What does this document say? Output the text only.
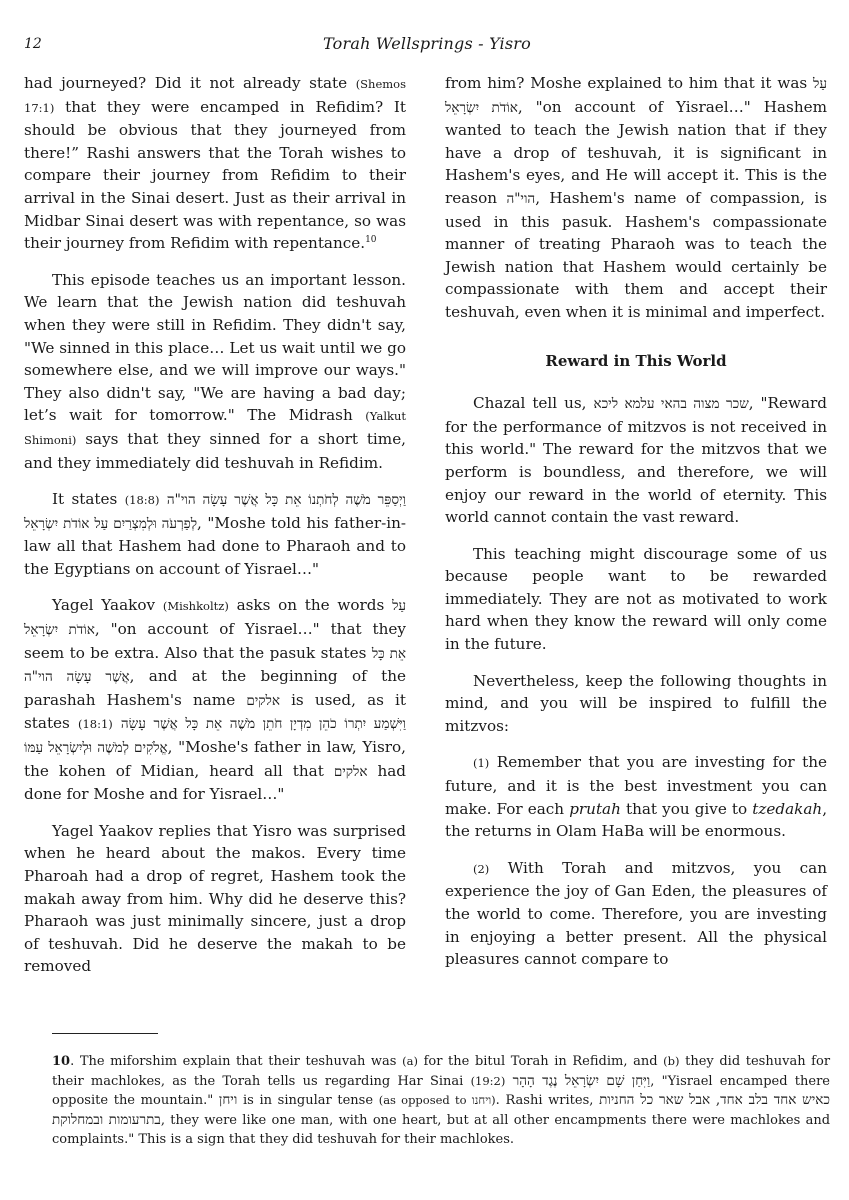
12	Torah Wellsprings - Yisro

had journeyed? Did it not already state (Shemos 17:1) that they were encamped in Refidim? It should be obvious that they journeyed from there!” Rashi answers that the Torah wishes to compare their journey from Refidim to their arrival in the Sinai desert. Just as their arrival in Midbar Sinai desert was with repentance, so was their journey from Refidim with repentance.$^{10}$

This episode teaches us an important lesson. We learn that the Jewish nation did teshuvah when they were still in Refidim. They didn't say, "We sinned in this place… Let us wait until we go somewhere else, and we will improve our ways." They also didn't say, "We are having a bad day; let’s wait for tomorrow." The Midrash (Yalkut Shimoni) says that they sinned for a short time, and they immediately did teshuvah in Refidim.

It states (18:8) וַיְסַפֵּר מֹשֶׁה לְחֹתְנוֹ אֵת כָּל אֲשֶׁר עָשָׂה הוי"ה לְפַרְעֹה וּלְמִצְרַיִם עַל אוֹדֹת יִשְׂרָאֵל, "Moshe told his father-in-law all that Hashem had done to Pharaoh and to the Egyptians on account of Yisrael…"

Yagel Yaakov (Mishkoltz) asks on the words עַל אוֹדֹת יִשְׂרָאֵל, "on account of Yisrael…" that they seem to be extra. Also that the pasuk states אֵת כָּל אֲשֶׁר עָשָׂה הוי"ה, and at the beginning of the parashah Hashem's name אלקים is used, as it states (18:1) וַיִּשְׁמַע יִתְרוֹ כֹהֵן מִדְיָן חֹתֵן מֹשֶׁה אֵת כָּל אֲשֶׁר עָשָׂה אֱלֹקִים לְמֹשֶׁה וּלְיִשְׂרָאֵל עַמּוֹ, "Moshe's father in law, Yisro, the kohen of Midian, heard all that אלקים had done for Moshe and for Yisrael…"

Yagel Yaakov replies that Yisro was surprised when he heard about the makos. Every time Pharoah had a drop of regret, Hashem took the makah away from him. Why did he deserve this? Pharaoh was just minimally sincere, just a drop of teshuvah. Did he deserve the makah to be removed

from him? Moshe explained to him that it was עַל אוֹדֹת יִשְׂרָאֵל, "on account of Yisrael…" Hashem wanted to teach the Jewish nation that if they have a drop of teshuvah, it is significant in Hashem's eyes, and He will accept it. This is the reason הוי"ה, Hashem's name of compassion, is used in this pasuk. Hashem's compassionate manner of treating Pharaoh was to teach the Jewish nation that Hashem would certainly be compassionate with them and accept their teshuvah, even when it is minimal and imperfect.

Reward in This World

Chazal tell us, שכר מצוה בהאי עלמא ליכא, "Reward for the performance of mitzvos is not received in this world." The reward for the mitzvos that we perform is boundless, and therefore, we will enjoy our reward in the world of eternity. This world cannot contain the vast reward.

This teaching might discourage some of us because people want to be rewarded immediately. They are not as motivated to work hard when they know the reward will only come in the future.

Nevertheless, keep the following thoughts in mind, and you will be inspired to fulfill the mitzvos:

(1) Remember that you are investing for the future, and it is the best investment you can make. For each prutah that you give to tzedakah, the returns in Olam HaBa will be enormous.

(2) With Torah and mitzvos, you can experience the joy of Gan Eden, the pleasures of the world to come. Therefore, you are investing in enjoying a better present. All the physical pleasures cannot compare to

10. The miforshim explain that their teshuvah was (a) for the bitul Torah in Refidim, and (b) they did teshuvah for their machlokes, as the Torah tells us regarding Har Sinai (19:2) וַיִּחַן שָׁם יִשְׂרָאֵל נֶגֶד הָהָר, "Yisrael encamped there opposite the mountain." ויחן is in singular tense (as opposed to ויחנו). Rashi writes, כאיש אחד בלב אחד, אבל שאר כל החניות בתרעומות ובמחלוקת, they were like one man, with one heart, but at all other encampments there were machlokes and complaints." This is a sign that they did teshuvah for their machlokes.
